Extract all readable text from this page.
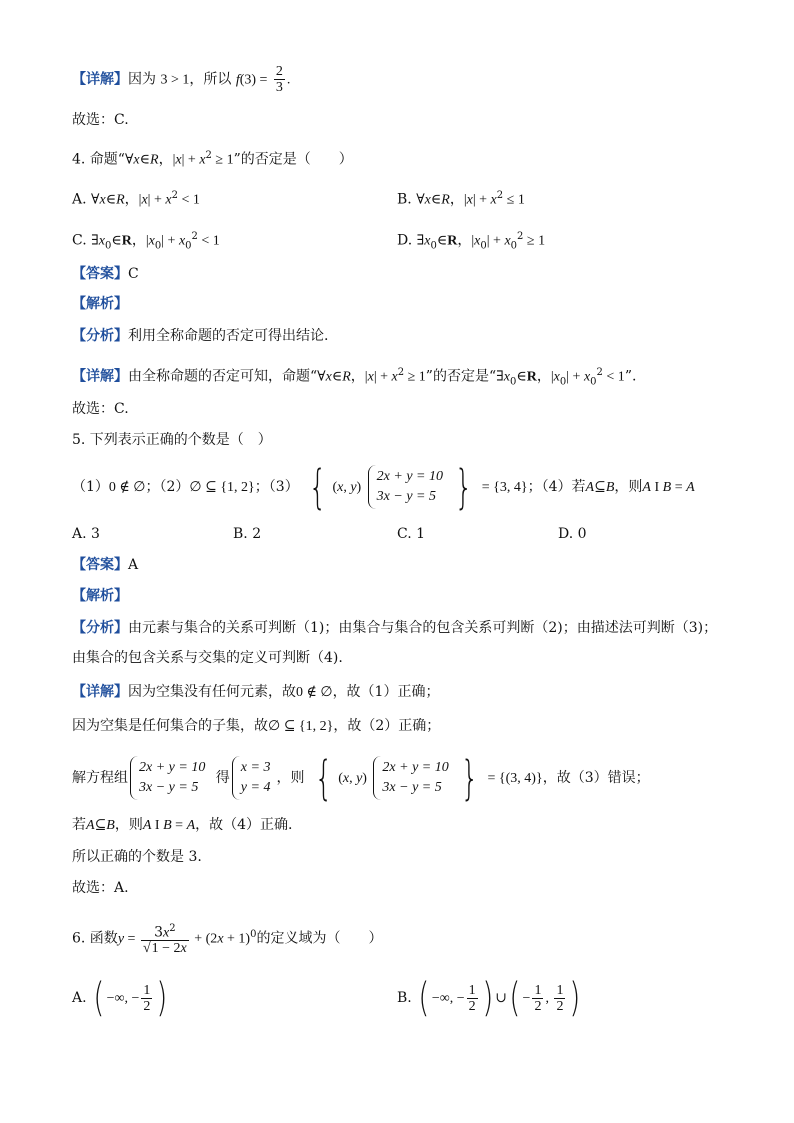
【详解】因为 3 > 1，所以 $f(3) = \frac{2}{3}$ .
故选：C.
4. 命题“∀x∈R，$|x| + x^2 \ge 1$”的否定是（　　）
A. ∀x∈R，$|x| + x^2 < 1$	B. ∀x∈R，$|x| + x^2 \le 1$
C. $\exists x_0\in R$，$|x_0| + x_0^2 < 1$	D. $\exists x_0\in R$，$|x_0| + x_0^2 \ge 1$
【答案】C
【解析】
【分析】利用全称命题的否定可得出结论.
【详解】由全称命题的否定可知，命题“∀x∈R，$|x| + x^2 \ge 1$”的否定是“$\exists x_0\in R$，$|x_0| + x_0^2 < 1$”.
故选：C.
5. 下列表示正确的个数是（　）
（1）0 ∉ ∅；（2）∅ ⊆ {1, 2}；（3） { (x, y)
2x + y = 10
3x − y = 5 } = {3, 4}；（4）若A⊆B，则A I B = A
A. 3	B. 2	C. 1	D. 0
【答案】A
【解析】
【分析】由元素与集合的关系可判断（1)；由集合与集合的包含关系可判断（2)；由描述法可判断（3)；
由集合的包含关系与交集的定义可判断（4).
【详解】因为空集没有任何元素，故0 ∉ ∅，故（1）正确；
因为空集是任何集合的子集，故∅ ⊆ {1, 2}，故（2）正确；
解方程组
2x + y = 10
3x − y = 5
得
x = 3
y = 4
，则 { (x, y)
2x + y = 10
3x − y = 5 } = {(3, 4)}，故（3）错误；
若A⊆B，则A I B = A，故（4）正确.
所以正确的个数是 3.
故选：A.
6. 函数$y = \frac{3x^2}{√1 - 2x} + (2x + 1)^0$的定义域为（　　）
A. ( −∞, − $\frac{1}{2}$ )	B. ( −∞, − $\frac{1}{2}$ ) ∪( − $\frac{1}{2}$ , $\frac{1}{2}$ )
